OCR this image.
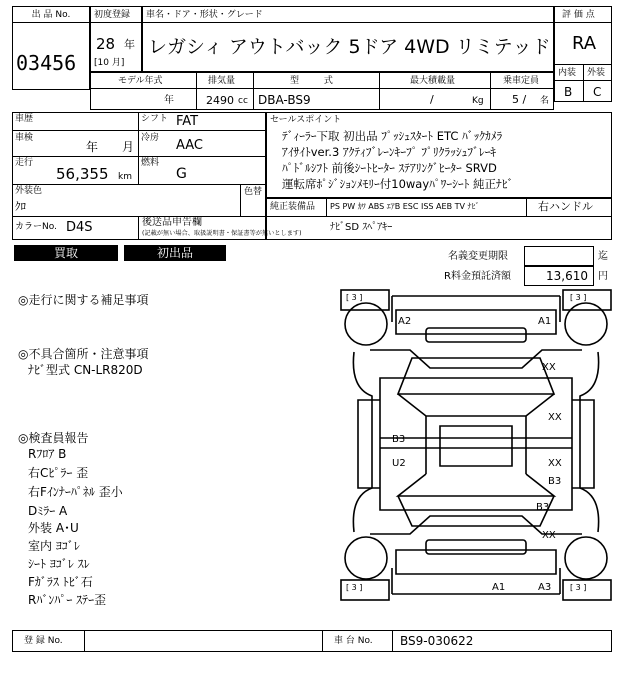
出 品 No.
03456
初度登録
28 年
[10 月]
車名・ドア・形状・グレード
レガシィ アウトバック 5ドア 4WD リミテッド
評 価 点
RA
内装 外装
B C
モデル年式
年
排気量
2490 cc
型 式
DBA-BS9
最大積載量
/	Kg
乗車定員
5 / 名
車歴	シフト FAT
車検
年 月
冷房 AAC
走行
56,355 km
燃料
G
外装色
ｸﾛ
色替
カラーNo. D4S	後送品申告欄
(記載が無い場合、取扱説明書・保証書等が無いとします)
セールスポイント
ﾃﾞｨｰﾗｰ下取 初出品 ﾌﾟｯｼｭｽﾀｰﾄ ETC ﾊﾞｯｸｶﾒﾗ
ｱｲｻｲﾄver.3 ｱｸﾃｨﾌﾞﾚｰﾝｷｰﾌﾟ ﾌﾟﾘｸﾗｯｼｭﾌﾞﾚｰｷ
ﾊﾟﾄﾞﾙｼﾌﾄ 前後ｼｰﾄﾋｰﾀｰ ｽﾃｱﾘﾝｸﾞﾋｰﾀｰ SRVD
運転席ﾎﾟｼﾞｼｮﾝﾒﾓﾘｰ付10wayﾊﾟﾜｰｼｰﾄ 純正ﾅﾋﾞ
純正装備品 PS PW ｶﾜ ABS ｴｱB ESC ISS AEB TV ﾅﾋﾞ	右ハンドル
ﾅﾋﾞSD ｽﾍﾟｱｷｰ
買取	初出品	名義変更期限	迄
R料金預託済額	13,610 円
◎走行に関する補足事項
◎不具合箇所・注意事項
ﾅﾋﾞ型式 CN-LR820D
◎検査員報告
Rﾌﾛｱ B
右Cﾋﾟﾗｰ 歪
右Fｲﾝﾅｰﾊﾟﾈﾙ 歪小
Dﾐﾗｰ A
外装 A･U
室内 ﾖｺﾞﾚ
ｼｰﾄ ﾖｺﾞﾚ ｽﾚ
Fｶﾞﾗｽ ﾄﾋﾞ石
Rﾊﾞﾝﾊﾟｰ ｽﾃｰ歪
[ 3 ]	[ 3 ]
[ 3 ]	[ 3 ]
A2	A1
XX
B3
XX
U2	XX
B3
B3
XX
A1	A3
登 録 No.	車 台 No. BS9-030622
